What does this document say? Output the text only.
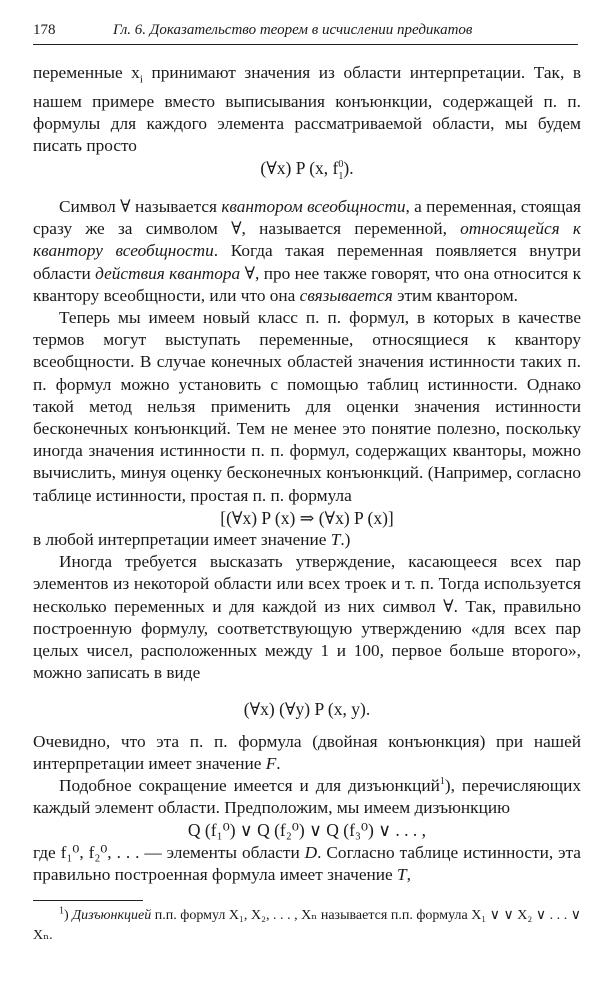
178	Гл. 6. Доказательство теорем в исчислении предикатов

переменные $x_i$ принимают значения из области интерпретации. Так, в нашем примере вместо выписывания конъюнкции, содержащей п. п. формулы для каждого элемента рассматриваемой области, мы будем писать просто

(∀x) P (x, $f^0_1$).

Символ ∀ называется квантором всеобщности, а переменная, стоящая сразу же за символом ∀, называется переменной, относящейся к квантору всеобщности. Когда такая переменная появляется внутри области действия квантора ∀, про нее также говорят, что она относится к квантору всеобщности, или что она связывается этим квантором.

Теперь мы имеем новый класс п. п. формул, в которых в качестве термов могут выступать переменные, относящиеся к квантору всеобщности. В случае конечных областей значения истинности таких п. п. формул можно установить с помощью таблиц истинности. Однако такой метод нельзя применить для оценки значения истинности бесконечных конъюнкций. Тем не менее это понятие полезно, поскольку иногда значения истинности п. п. формул, содержащих кванторы, можно вычислить, минуя оценку бесконечных конъюнкций. (Например, согласно таблице истинности, простая п. п. формула

[(∀x) P (x) ⇒ (∀x) P (x)]

в любой интерпретации имеет значение T.)

Иногда требуется высказать утверждение, касающееся всех пар элементов из некоторой области или всех троек и т. п. Тогда используется несколько переменных и для каждой из них символ ∀. Так, правильно построенную формулу, соответствующую утверждению «для всех пар целых чисел, расположенных между 1 и 100, первое больше второго», можно записать в виде

(∀x) (∀y) P (x, y).

Очевидно, что эта п. п. формула (двойная конъюнкция) при нашей интерпретации имеет значение F.

Подобное сокращение имеется и для дизъюнкций$^1$), перечисляющих каждый элемент области. Предположим, мы имеем дизъюнкцию

Q (f₁⁰) ∨ Q (f₂⁰) ∨ Q (f₃⁰) ∨ . . . ,

где f₁⁰, f₂⁰, . . . — элементы области D. Согласно таблице истинности, эта правильно построенная формула имеет значение T,

$^1$) Дизъюнкцией п.п. формул X₁, X₂, . . . , Xₙ называется п.п. формула X₁ ∨ ∨ X₂ ∨ . . . ∨ Xₙ.
